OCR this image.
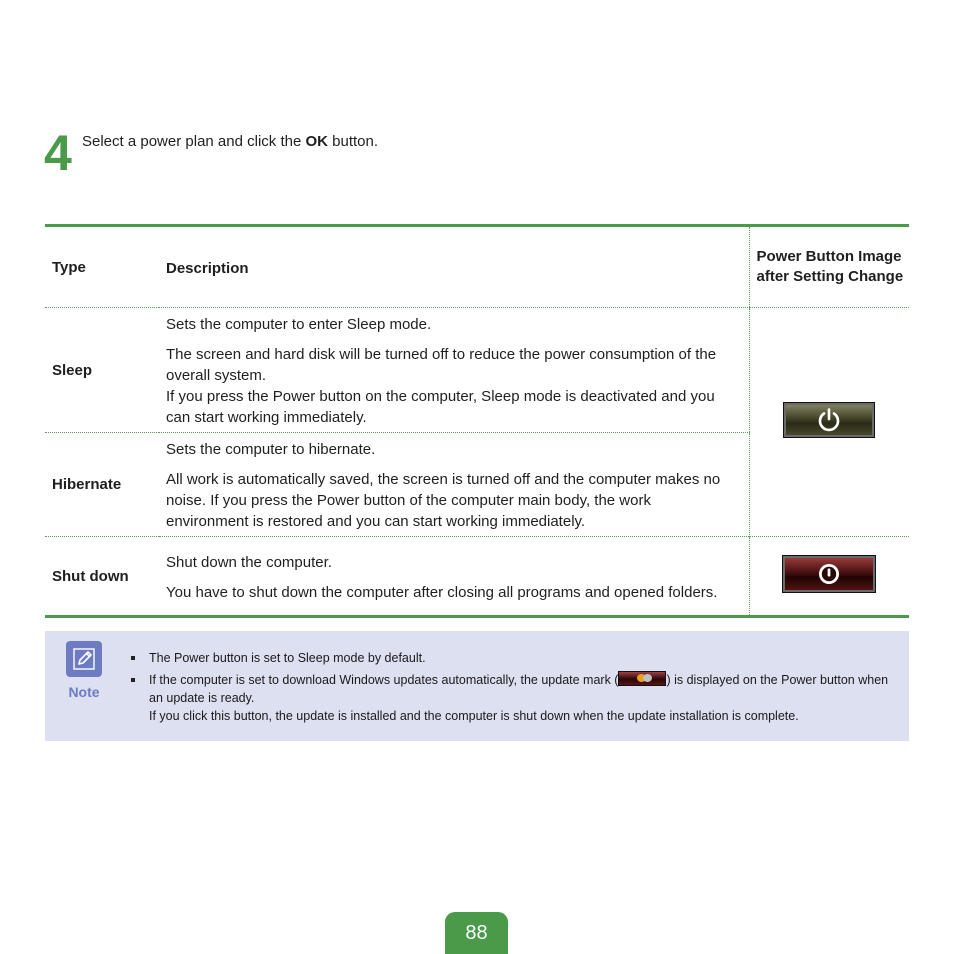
4 Select a power plan and click the OK button.
Type	Description	Power Button Image after Setting Change
Sleep	Sets the computer to enter Sleep mode.

The screen and hard disk will be turned off to reduce the power consumption of the overall system.

If you press the Power button on the computer, Sleep mode is deactivated and you can start working immediately.

Hibernate	Sets the computer to hibernate.

All work is automatically saved, the screen is turned off and the computer makes no noise. If you press the Power button of the computer main body, the work environment is restored and you can start working immediately.	

Shut down	Shut down the computer.

You have to shut down the computer after closing all programs and opened folders.

Note

The Power button is set to Sleep mode by default.

If the computer is set to download Windows updates automatically, the update mark (	) is displayed on the Power button when an update is ready.

If you click this button, the update is installed and the computer is shut down when the update installation is complete.

88
